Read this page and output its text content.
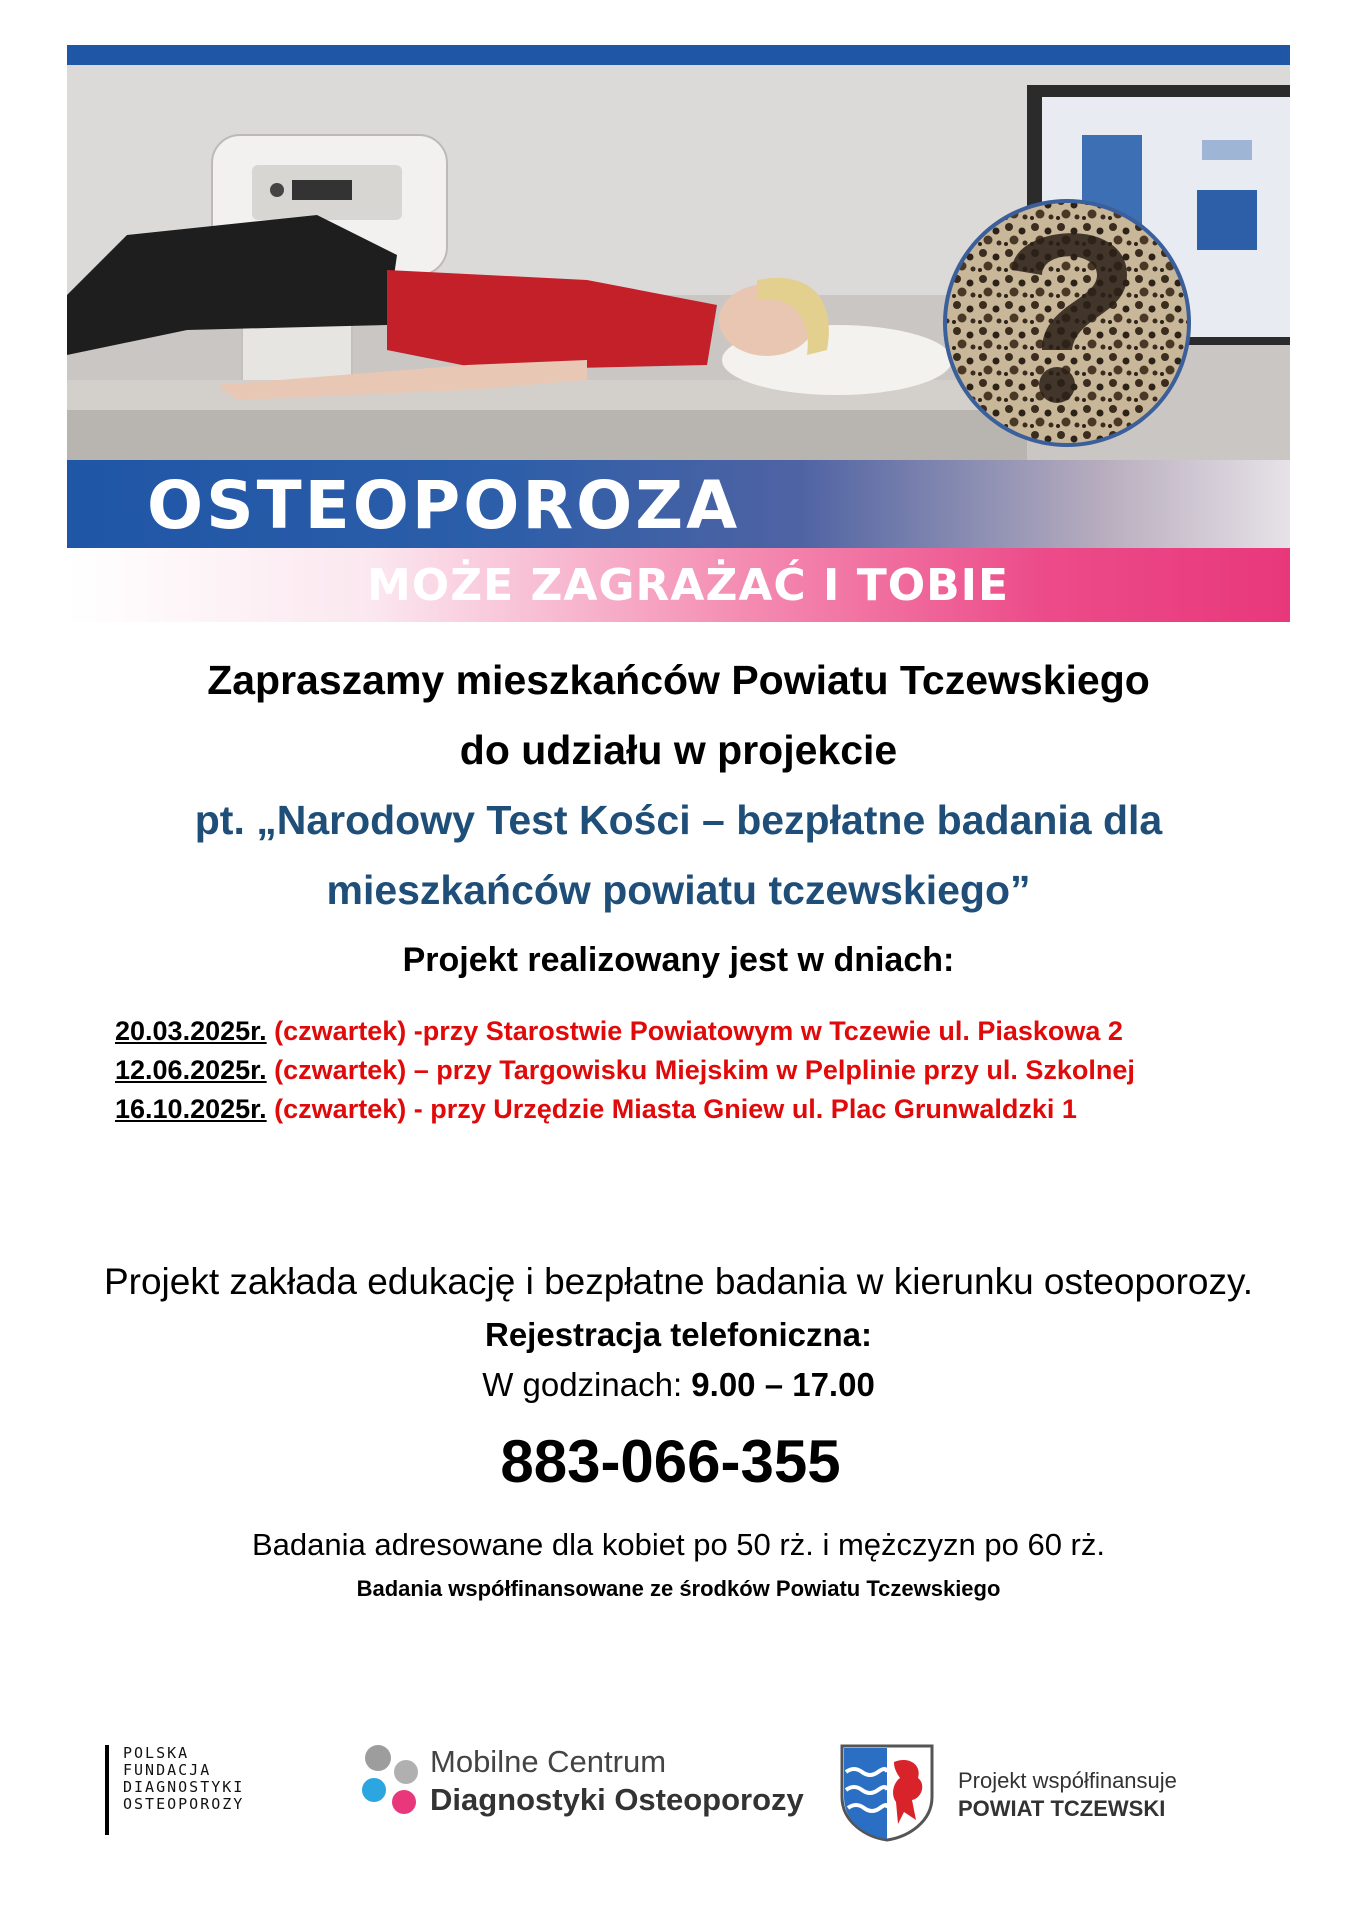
OSTEOPOROZA
MOŻE ZAGRAŻAĆ I TOBIE
Zapraszamy mieszkańców Powiatu Tczewskiego
do udziału w projekcie
pt. „Narodowy Test Kości – bezpłatne badania dla
mieszkańców powiatu tczewskiego”
Projekt realizowany jest w dniach:
20.03.2025r. (czwartek) -przy Starostwie Powiatowym w Tczewie ul. Piaskowa 2
12.06.2025r. (czwartek) – przy Targowisku Miejskim w Pelplinie przy ul. Szkolnej
16.10.2025r. (czwartek) - przy Urzędzie Miasta Gniew ul. Plac Grunwaldzki 1
Projekt zakłada edukację i bezpłatne badania w kierunku osteoporozy.
Rejestracja telefoniczna:
W godzinach: 9.00 – 17.00
883-066-355
Badania adresowane dla kobiet po 50 rż. i mężczyzn po 60 rż.
Badania współfinansowane ze środków Powiatu Tczewskiego
POLSKA
FUNDACJA
DIAGNOSTYKI
OSTEOPOROZY
Mobilne Centrum
Diagnostyki Osteoporozy
Projekt współfinansuje
POWIAT TCZEWSKI
